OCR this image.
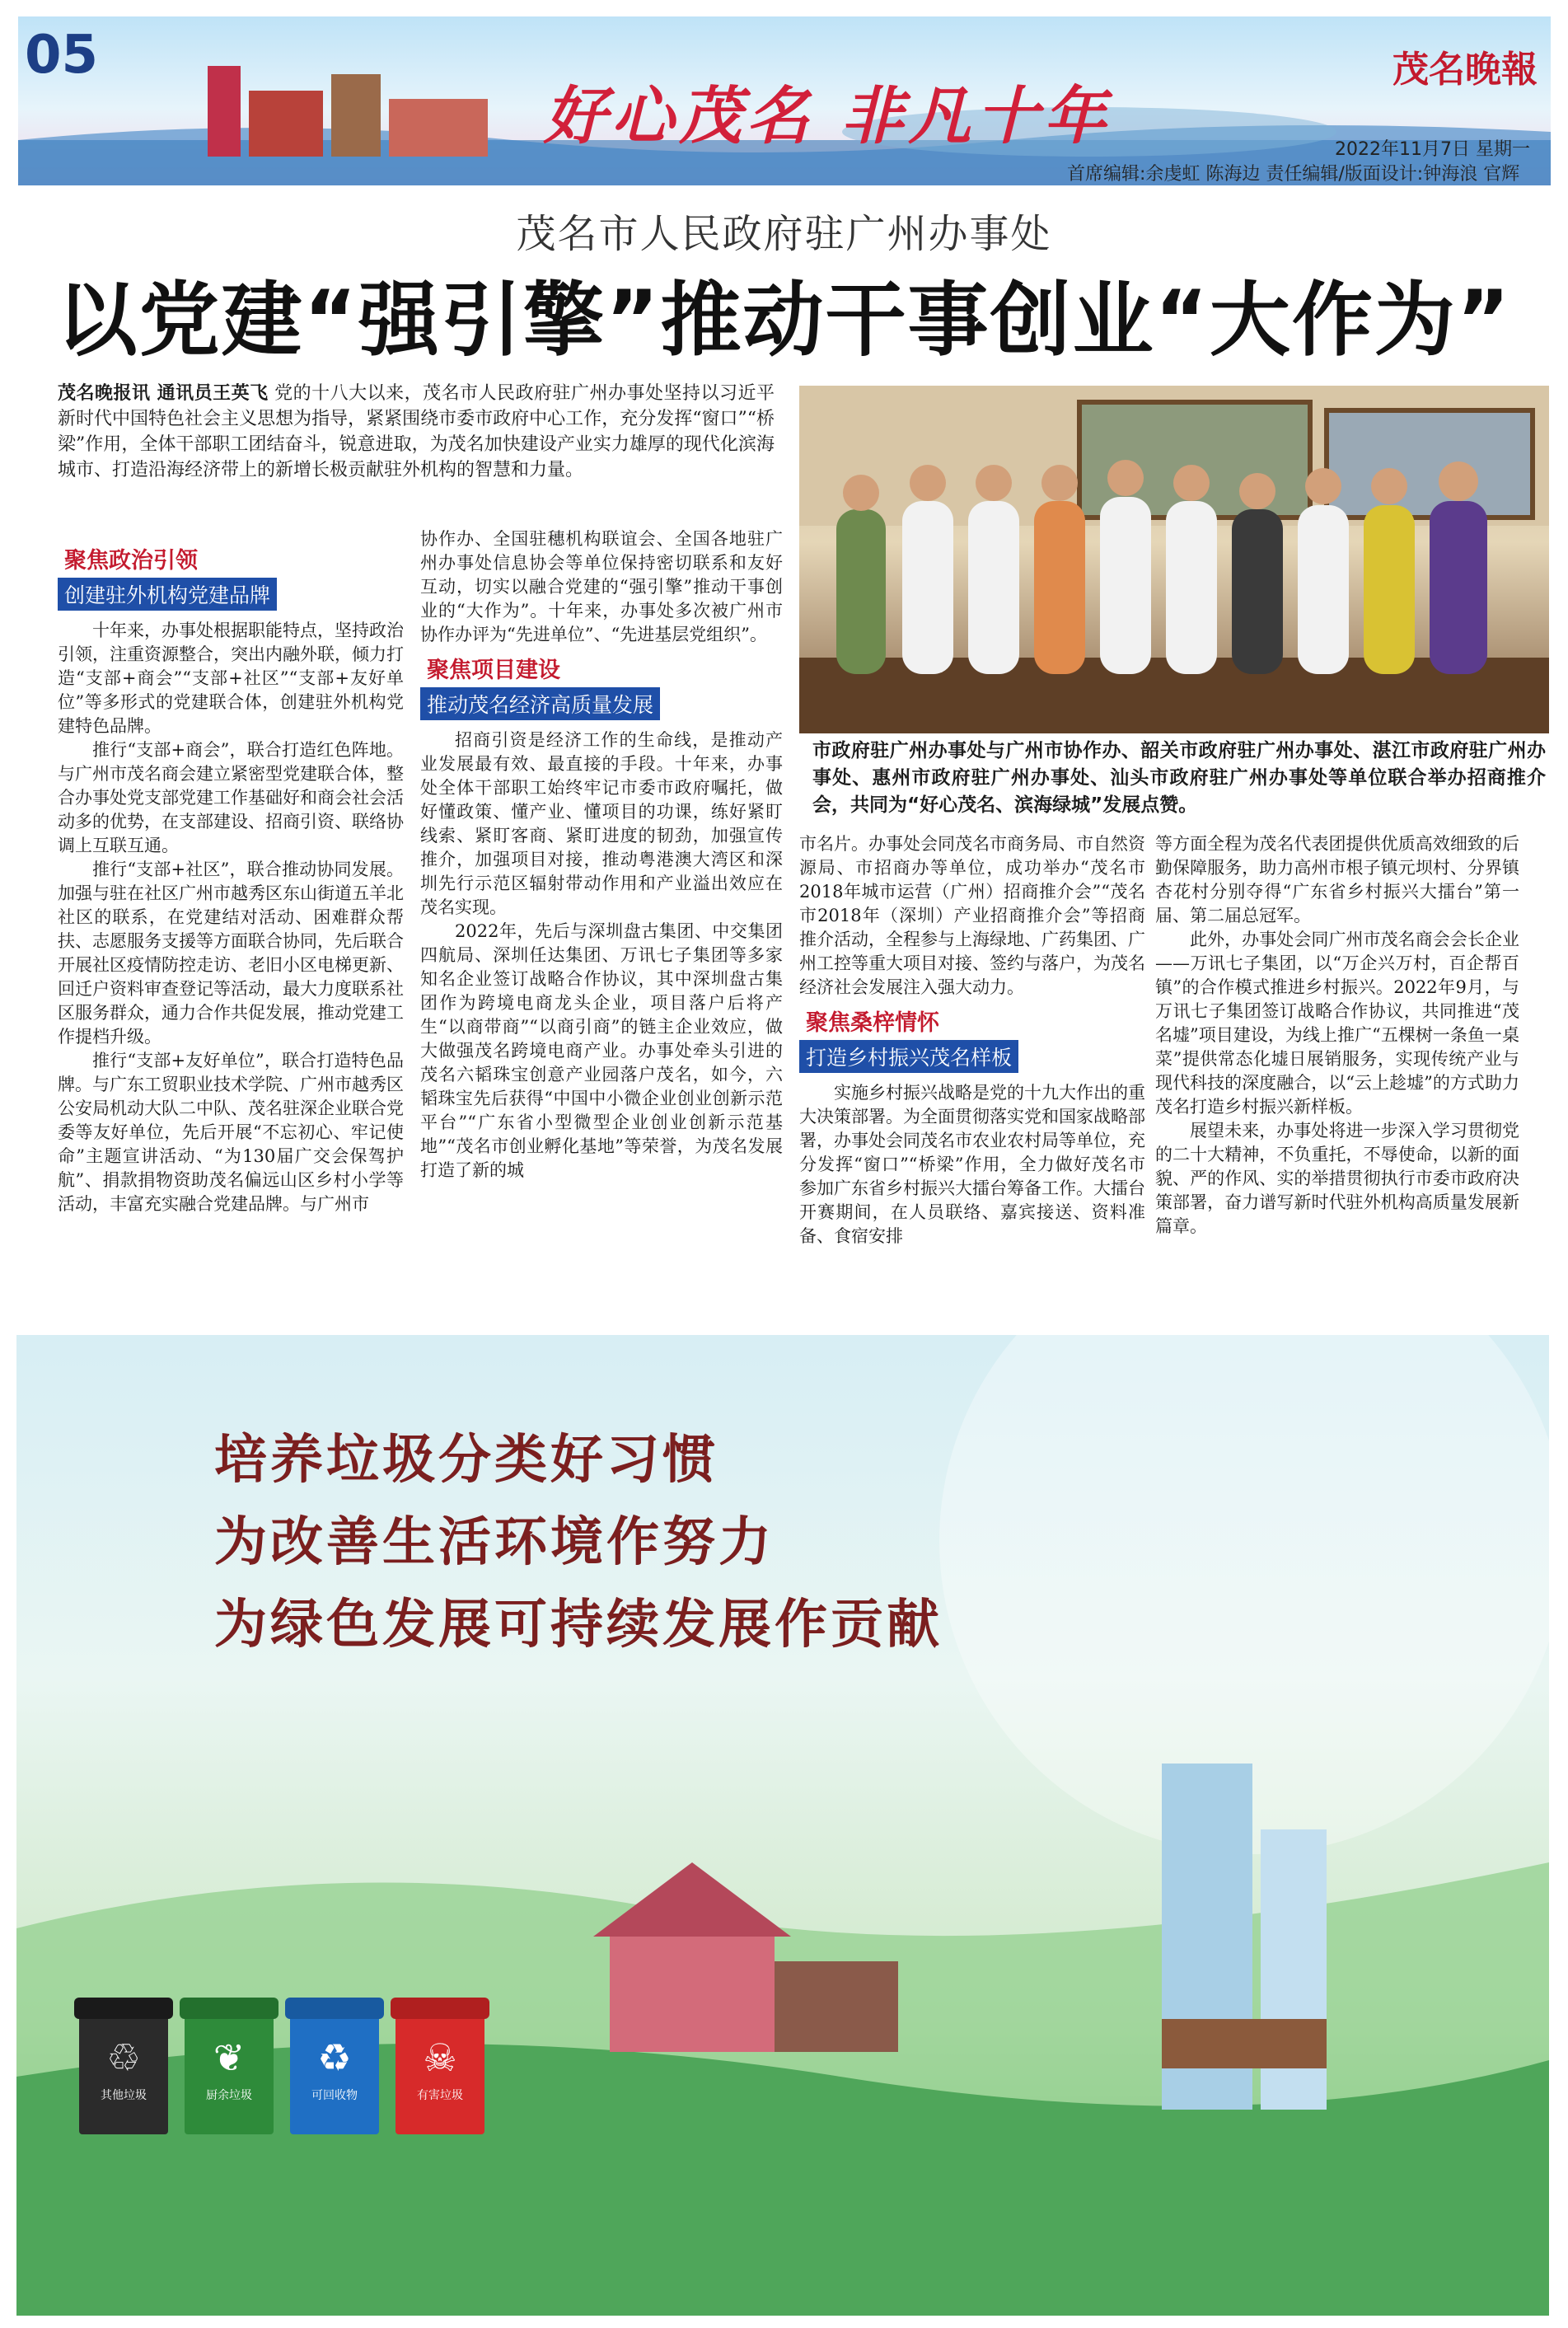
05
好心茂名 非凡十年
茂名晚報
2022年11月7日 星期一
首席编辑:余虔虹 陈海边 责任编辑/版面设计:钟海浪 官辉
茂名市人民政府驻广州办事处
以党建“强引擎”推动干事创业“大作为”
茂名晚报讯 通讯员王英飞 党的十八大以来，茂名市人民政府驻广州办事处坚持以习近平新时代中国特色社会主义思想为指导，紧紧围绕市委市政府中心工作，充分发挥“窗口”“桥梁”作用，全体干部职工团结奋斗，锐意进取，为茂名加快建设产业实力雄厚的现代化滨海城市、打造沿海经济带上的新增长极贡献驻外机构的智慧和力量。
市政府驻广州办事处与广州市协作办、韶关市政府驻广州办事处、湛江市政府驻广州办事处、惠州市政府驻广州办事处、汕头市政府驻广州办事处等单位联合举办招商推介会，共同为“好心茂名、滨海绿城”发展点赞。
聚焦政治引领
创建驻外机构党建品牌

十年来，办事处根据职能特点，坚持政治引领，注重资源整合，突出内融外联，倾力打造“支部+商会”“支部+社区”“支部+友好单位”等多形式的党建联合体，创建驻外机构党建特色品牌。

推行“支部+商会”，联合打造红色阵地。与广州市茂名商会建立紧密型党建联合体，整合办事处党支部党建工作基础好和商会社会活动多的优势，在支部建设、招商引资、联络协调上互联互通。

推行“支部+社区”，联合推动协同发展。加强与驻在社区广州市越秀区东山街道五羊北社区的联系，在党建结对活动、困难群众帮扶、志愿服务支援等方面联合协同，先后联合开展社区疫情防控走访、老旧小区电梯更新、回迁户资料审查登记等活动，最大力度联系社区服务群众，通力合作共促发展，推动党建工作提档升级。

推行“支部+友好单位”，联合打造特色品牌。与广东工贸职业技术学院、广州市越秀区公安局机动大队二中队、茂名驻深企业联合党委等友好单位，先后开展“不忘初心、牢记使命”主题宣讲活动、“为130届广交会保驾护航”、捐款捐物资助茂名偏远山区乡村小学等活动，丰富充实融合党建品牌。与广州市

协作办、全国驻穗机构联谊会、全国各地驻广州办事处信息协会等单位保持密切联系和友好互动，切实以融合党建的“强引擎”推动干事创业的“大作为”。十年来，办事处多次被广州市协作办评为“先进单位”、“先进基层党组织”。

聚焦项目建设
推动茂名经济高质量发展

招商引资是经济工作的生命线，是推动产业发展最有效、最直接的手段。十年来，办事处全体干部职工始终牢记市委市政府嘱托，做好懂政策、懂产业、懂项目的功课，练好紧盯线索、紧盯客商、紧盯进度的韧劲，加强宣传推介，加强项目对接，推动粤港澳大湾区和深圳先行示范区辐射带动作用和产业溢出效应在茂名实现。

2022年，先后与深圳盘古集团、中交集团四航局、深圳任达集团、万讯七子集团等多家知名企业签订战略合作协议，其中深圳盘古集团作为跨境电商龙头企业，项目落户后将产生“以商带商”“以商引商”的链主企业效应，做大做强茂名跨境电商产业。办事处牵头引进的茂名六韬珠宝创意产业园落户茂名，如今，六韬珠宝先后获得“中国中小微企业创业创新示范平台”“广东省小型微型企业创业创新示范基地”“茂名市创业孵化基地”等荣誉，为茂名发展打造了新的城

市名片。办事处会同茂名市商务局、市自然资源局、市招商办等单位，成功举办“茂名市2018年城市运营（广州）招商推介会”“茂名市2018年（深圳）产业招商推介会”等招商推介活动，全程参与上海绿地、广药集团、广州工控等重大项目对接、签约与落户，为茂名经济社会发展注入强大动力。

聚焦桑梓情怀
打造乡村振兴茂名样板

实施乡村振兴战略是党的十九大作出的重大决策部署。为全面贯彻落实党和国家战略部署，办事处会同茂名市农业农村局等单位，充分发挥“窗口”“桥梁”作用，全力做好茂名市参加广东省乡村振兴大擂台筹备工作。大擂台开赛期间，在人员联络、嘉宾接送、资料准备、食宿安排

等方面全程为茂名代表团提供优质高效细致的后勤保障服务，助力高州市根子镇元坝村、分界镇杏花村分别夺得“广东省乡村振兴大擂台”第一届、第二届总冠军。

此外，办事处会同广州市茂名商会会长企业——万讯七子集团，以“万企兴万村，百企帮百镇”的合作模式推进乡村振兴。2022年9月，与万讯七子集团签订战略合作协议，共同推进“茂名墟”项目建设，为线上推广“五棵树一条鱼一桌菜”提供常态化墟日展销服务，实现传统产业与现代科技的深度融合，以“云上趁墟”的方式助力茂名打造乡村振兴新样板。

展望未来，办事处将进一步深入学习贯彻党的二十大精神，不负重托，不辱使命，以新的面貌、严的作风、实的举措贯彻执行市委市政府决策部署，奋力谱写新时代驻外机构高质量发展新篇章。

培养垃圾分类好习惯
为改善生活环境作努力
为绿色发展可持续发展作贡献
♲
其他垃圾
❦
厨余垃圾
♻
可回收物
☠
有害垃圾
